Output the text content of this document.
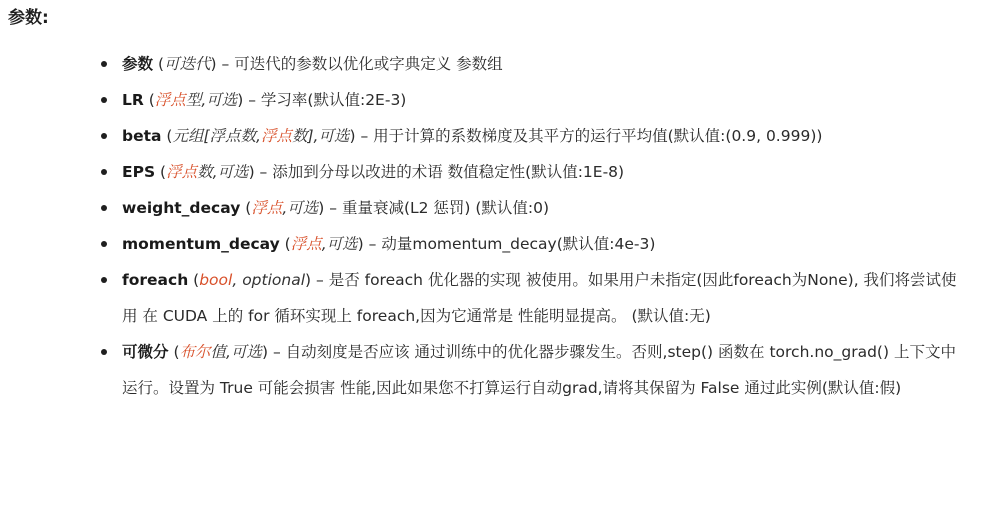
参数:
参数 (可迭代) – 可迭代的参数以优化或字典定义 参数组
LR (浮点型,可选) – 学习率(默认值:2E-3)
beta (元组[浮点数,浮点数],可选) – 用于计算的系数梯度及其平方的运行平均值(默认值:(0.9, 0.999))
EPS (浮点数,可选) – 添加到分母以改进的术语 数值稳定性(默认值:1E-8)
weight_decay (浮点,可选) – 重量衰减(L2 惩罚) (默认值:0)
momentum_decay (浮点,可选) – 动量momentum_decay(默认值:4e-3)
foreach (bool, optional) – 是否 foreach 优化器的实现 被使用。如果用户未指定(因此foreach为None), 我们将尝试使用 在 CUDA 上的 for 循环实现上 foreach,因为它通常是 性能明显提高。 (默认值:无)
可微分 (布尔值,可选) – 自动刻度是否应该 通过训练中的优化器步骤发生。否则,step() 函数在 torch.no_grad() 上下文中运行。设置为 True 可能会损害 性能,因此如果您不打算运行自动grad,请将其保留为 False 通过此实例(默认值:假)
